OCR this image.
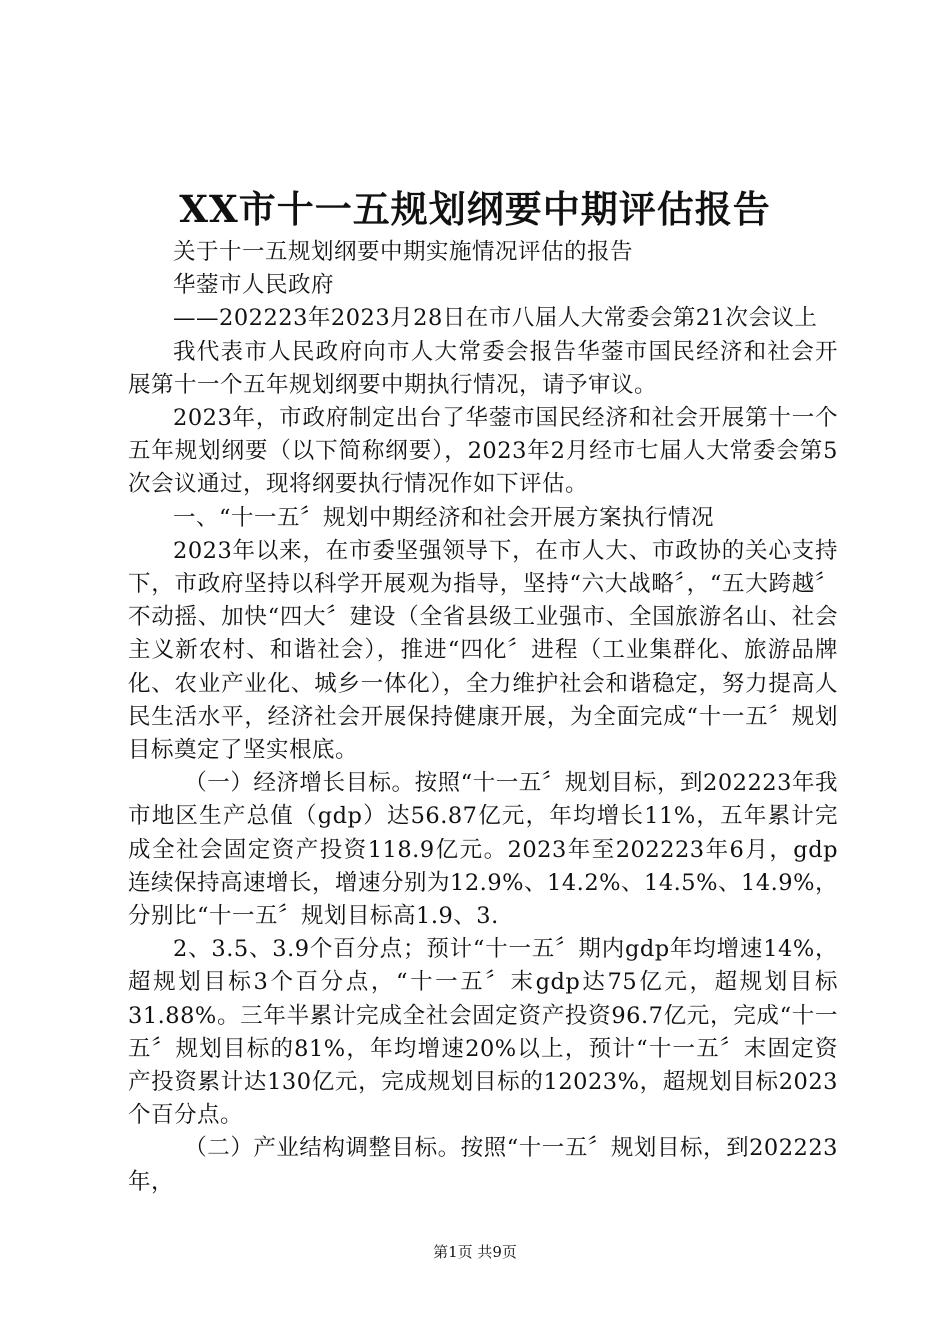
XX市十一五规划纲要中期评估报告

关于十一五规划纲要中期实施情况评估的报告

华蓥市人民政府

——202223年2023月28日在市八届人大常委会第21次会议上

我代表市人民政府向市人大常委会报告华蓥市国民经济和社会开展第十一个五年规划纲要中期执行情况，请予审议。

2023年，市政府制定出台了华蓥市国民经济和社会开展第十一个五年规划纲要（以下简称纲要），2023年2月经市七届人大常委会第5次会议通过，现将纲要执行情况作如下评估。

一、“十一五〞规划中期经济和社会开展方案执行情况

2023年以来，在市委坚强领导下，在市人大、市政协的关心支持下，市政府坚持以科学开展观为指导，坚持“六大战略〞，“五大跨越〞不动摇、加快“四大〞建设（全省县级工业强市、全国旅游名山、社会主义新农村、和谐社会），推进“四化〞进程（工业集群化、旅游品牌化、农业产业化、城乡一体化），全力维护社会和谐稳定，努力提高人民生活水平，经济社会开展保持健康开展，为全面完成“十一五〞规划目标奠定了坚实根底。

（一）经济增长目标。按照“十一五〞规划目标，到202223年我市地区生产总值（gdp）达56.87亿元，年均增长11%，五年累计完成全社会固定资产投资118.9亿元。2023年至202223年6月，gdp连续保持高速增长，增速分别为12.9%、14.2%、14.5%、14.9%，分别比“十一五〞规划目标高1.9、3.

2、3.5、3.9个百分点；预计“十一五〞期内gdp年均增速14%，超规划目标3个百分点，“十一五〞末gdp达75亿元，超规划目标31.88%。三年半累计完成全社会固定资产投资96.7亿元，完成“十一五〞规划目标的81%，年均增速20%以上，预计“十一五〞末固定资产投资累计达130亿元，完成规划目标的12023%，超规划目标2023个百分点。

（二）产业结构调整目标。按照“十一五〞规划目标，到202223年，

第1页 共9页
